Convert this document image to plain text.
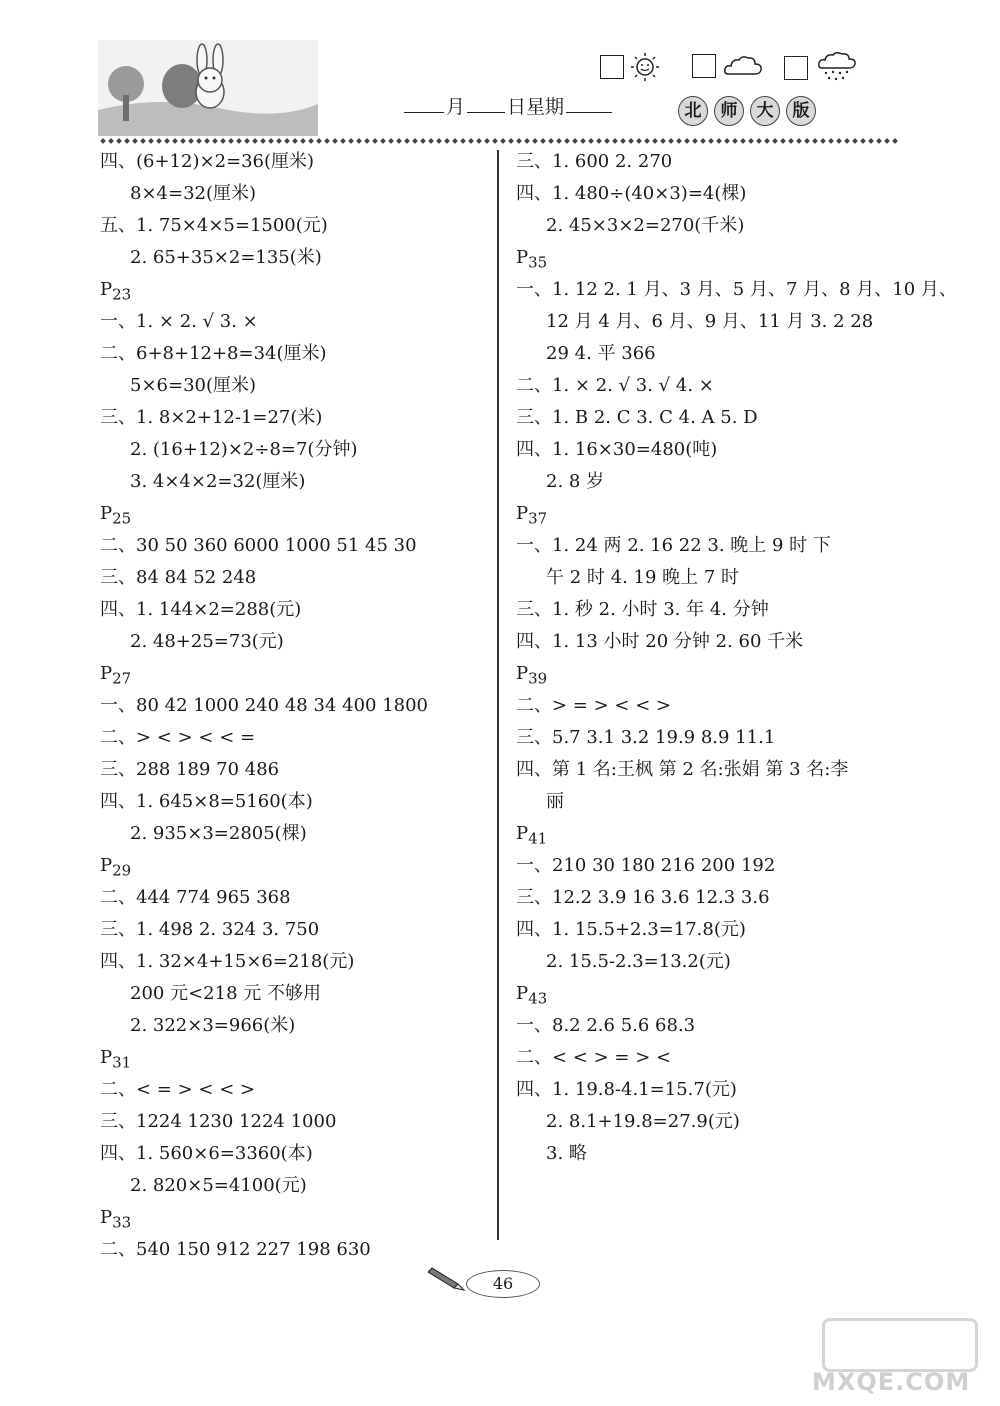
月 日星期	北	师	大	版
四、(6+12)×2=36(厘米)
8×4=32(厘米)
五、1. 75×4×5=1500(元)
2. 65+35×2=135(米)
$P_{23}$
一、1. × 2. √ 3. ×
二、6+8+12+8=34(厘米)
5×6=30(厘米)
三、1. 8×2+12-1=27(米)
2. (16+12)×2÷8=7(分钟)
3. 4×4×2=32(厘米)
$P_{25}$
二、30 50 360 6000 1000 51 45 30
三、84 84 52 248
四、1. 144×2=288(元)
2. 48+25=73(元)
$P_{27}$
一、80 42 1000 240 48 34 400 1800
二、> < > < < =
三、288 189 70 486
四、1. 645×8=5160(本)
2. 935×3=2805(棵)
$P_{29}$
二、444 774 965 368
三、1. 498 2. 324 3. 750
四、1. 32×4+15×6=218(元)
200 元<218 元 不够用
2. 322×3=966(米)
$P_{31}$
二、< = > < < >
三、1224 1230 1224 1000
四、1. 560×6=3360(本)
2. 820×5=4100(元)
$P_{33}$
二、540 150 912 227 198 630
三、1. 600 2. 270
四、1. 480÷(40×3)=4(棵)
2. 45×3×2=270(千米)
$P_{35}$
一、1. 12 2. 1 月、3 月、5 月、7 月、8 月、10 月、
12 月 4 月、6 月、9 月、11 月 3. 2 28
29 4. 平 366
二、1. × 2. √ 3. √ 4. ×
三、1. B 2. C 3. C 4. A 5. D
四、1. 16×30=480(吨)
2. 8 岁
$P_{37}$
一、1. 24 两 2. 16 22 3. 晚上 9 时 下
午 2 时 4. 19 晚上 7 时
三、1. 秒 2. 小时 3. 年 4. 分钟
四、1. 13 小时 20 分钟 2. 60 千米
$P_{39}$
二、> = > < < >
三、5.7 3.1 3.2 19.9 8.9 11.1
四、第 1 名:王枫 第 2 名:张娟 第 3 名:李
丽
$P_{41}$
一、210 30 180 216 200 192
三、12.2 3.9 16 3.6 12.3 3.6
四、1. 15.5+2.3=17.8(元)
2. 15.5-2.3=13.2(元)
$P_{43}$
一、8.2 2.6 5.6 68.3
二、< < > = > <
四、1. 19.8-4.1=15.7(元)
2. 8.1+19.8=27.9(元)
3. 略
46
MXQE.COM
